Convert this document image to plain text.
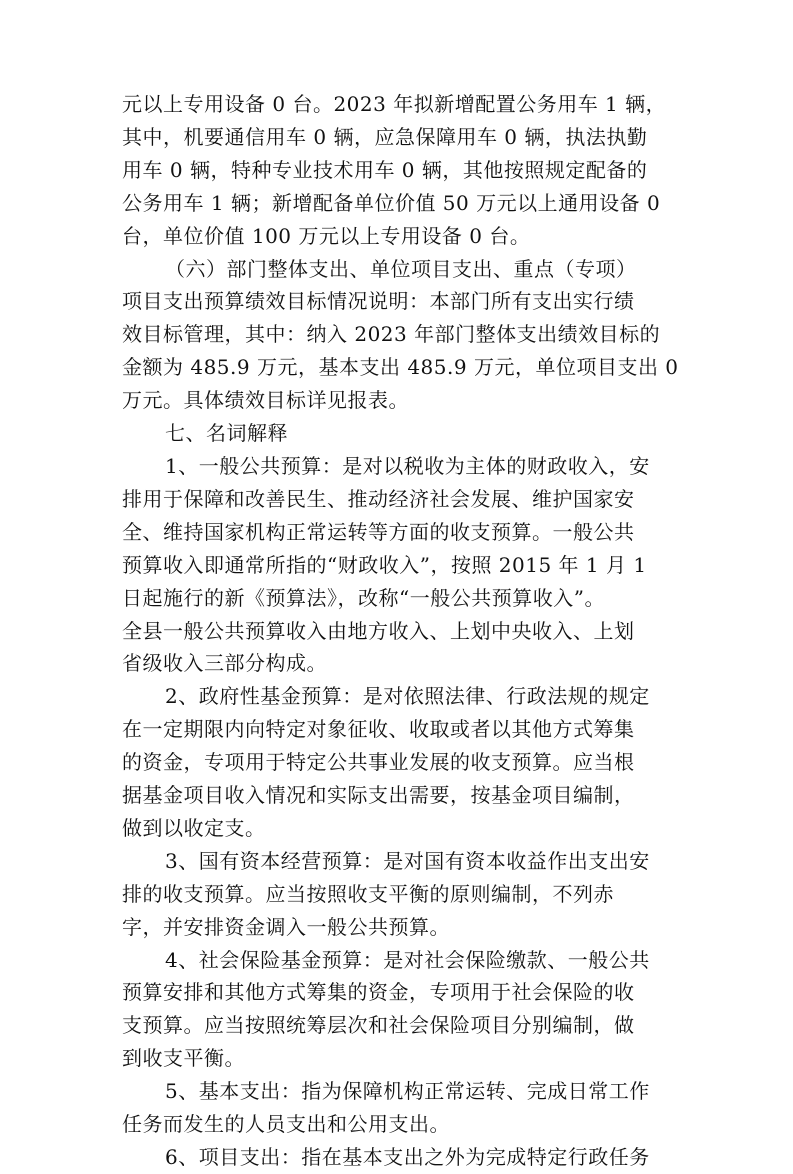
元以上专用设备 0 台。2023 年拟新增配置公务用车 1 辆，
其中，机要通信用车 0 辆，应急保障用车 0 辆，执法执勤
用车 0 辆，特种专业技术用车 0 辆，其他按照规定配备的
公务用车 1 辆；新增配备单位价值 50 万元以上通用设备 0
台，单位价值 100 万元以上专用设备 0 台。

（六）部门整体支出、单位项目支出、重点（专项）
项目支出预算绩效目标情况说明：本部门所有支出实行绩
效目标管理，其中：纳入 2023 年部门整体支出绩效目标的
金额为 485.9 万元，基本支出 485.9 万元，单位项目支出 0
万元。具体绩效目标详见报表。

七、名词解释

1、一般公共预算：是对以税收为主体的财政收入，安
排用于保障和改善民生、推动经济社会发展、维护国家安
全、维持国家机构正常运转等方面的收支预算。一般公共
预算收入即通常所指的“财政收入”，按照 2015 年 1 月 1
日起施行的新《预算法》，改称“一般公共预算收入”。
全县一般公共预算收入由地方收入、上划中央收入、上划
省级收入三部分构成。

2、政府性基金预算：是对依照法律、行政法规的规定
在一定期限内向特定对象征收、收取或者以其他方式筹集
的资金，专项用于特定公共事业发展的收支预算。应当根
据基金项目收入情况和实际支出需要，按基金项目编制，
做到以收定支。

3、国有资本经营预算：是对国有资本收益作出支出安
排的收支预算。应当按照收支平衡的原则编制，不列赤
字，并安排资金调入一般公共预算。

4、社会保险基金预算：是对社会保险缴款、一般公共
预算安排和其他方式筹集的资金，专项用于社会保险的收
支预算。应当按照统筹层次和社会保险项目分别编制，做
到收支平衡。

5、基本支出：指为保障机构正常运转、完成日常工作
任务而发生的人员支出和公用支出。

6、项目支出：指在基本支出之外为完成特定行政任务
